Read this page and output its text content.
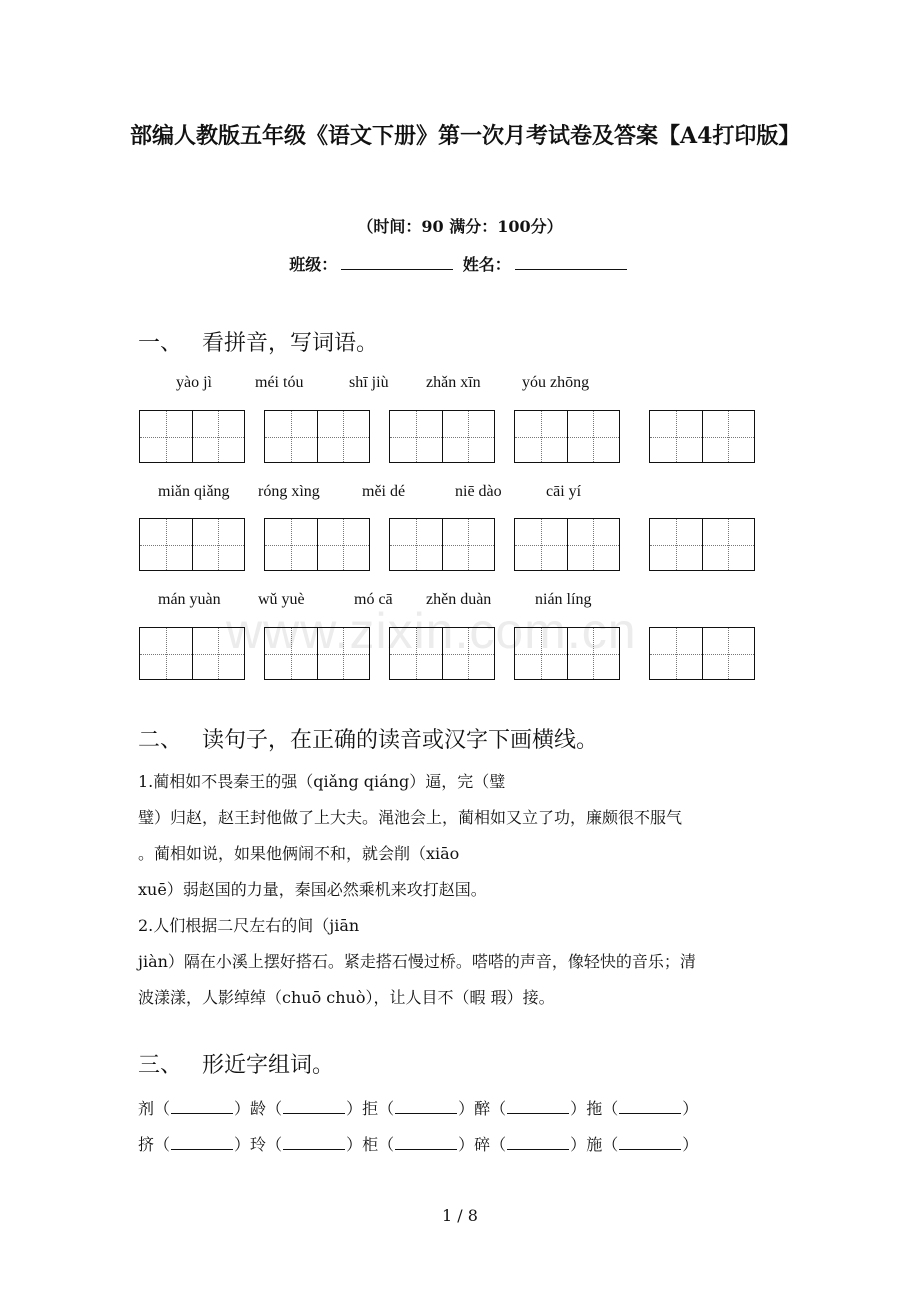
www.zixin.com.cn
部编人教版五年级《语文下册》第一次月考试卷及答案【A4打印版】
（时间：90 满分：100分）
班级：	姓名：
一、 看拼音，写词语。
yào jì	méi tóu	shī jiù zhǎn xīn	yóu zhōng
miǎn qiǎng róng xìng	měi dé	niē dào	cāi yí
mán yuàn wǔ yuè	mó cā zhěn duàn	nián líng
二、 读句子，在正确的读音或汉字下画横线。
1.蔺相如不畏秦王的强（qiǎng qiáng）逼，完（璧
璧）归赵，赵王封他做了上大夫。渑池会上，蔺相如又立了功，廉颇很不服气
。蔺相如说，如果他俩闹不和，就会削（xiāo
xuē）弱赵国的力量，秦国必然乘机来攻打赵国。
2.人们根据二尺左右的间（jiān
jiàn）隔在小溪上摆好搭石。紧走搭石慢过桥。嗒嗒的声音，像轻快的音乐；清
波漾漾，人影绰绰（chuō chuò），让人目不（暇 瑕）接。
三、 形近字组词。
剂（	）龄（	）拒（	）醉（	）拖（	）
挤（	）玲（	）柜（	）碎（	）施（	）
1 / 8
